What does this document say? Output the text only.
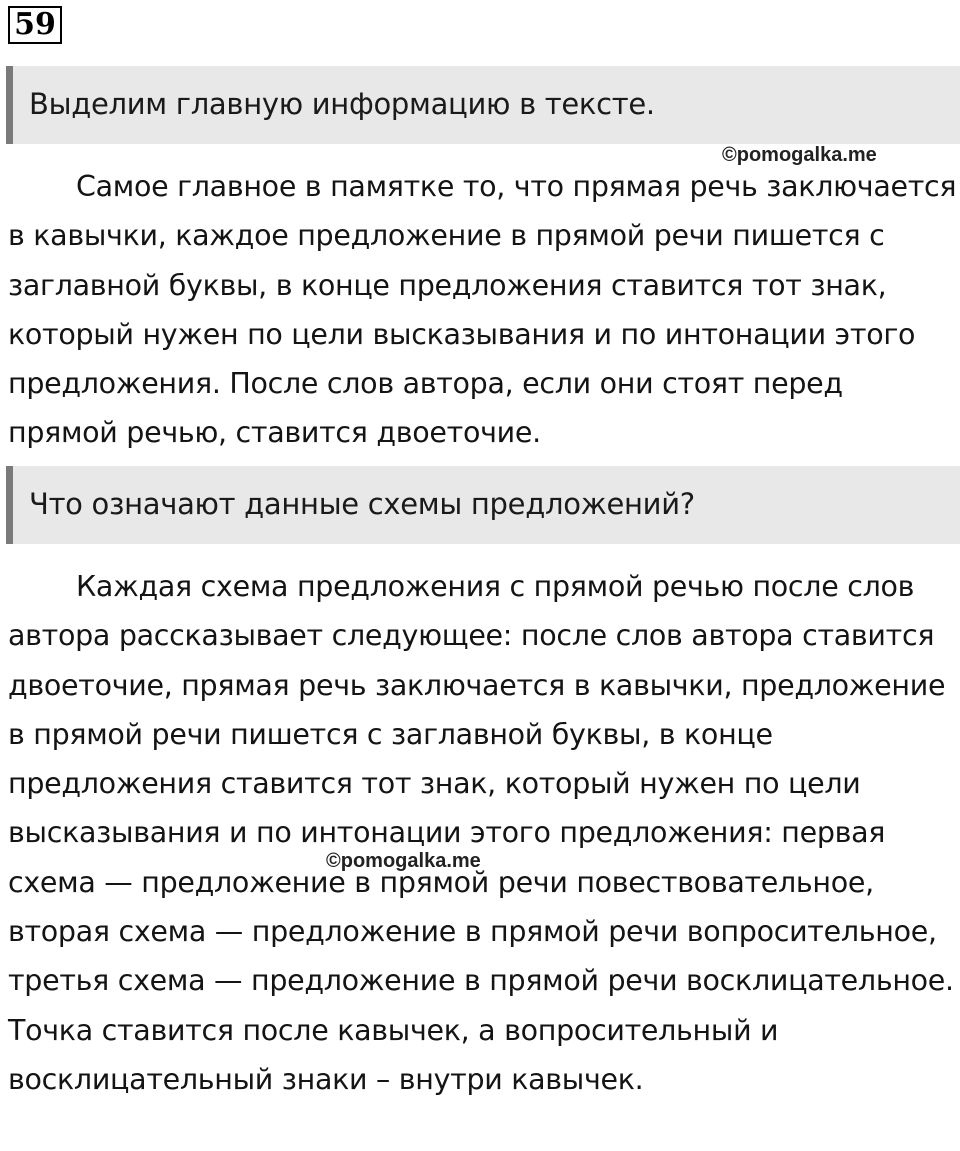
59
Выделим главную информацию в тексте.
©pomogalka.me

Самое главное в памятке то, что прямая речь заключается в кавычки, каждое предложение в прямой речи пишется с заглавной буквы, в конце предложения ставится тот знак, который нужен по цели высказывания и по интонации этого предложения. После слов автора, если они стоят перед прямой речью, ставится двоеточие.

Что означают данные схемы предложений?

Каждая схема предложения с прямой речью после слов автора рассказывает следующее: после слов автора ставится двоеточие, прямая речь заключается в кавычки, предложение в прямой речи пишется с заглавной буквы, в конце предложения ставится тот знак, который нужен по цели высказывания и по интонации этого предложения: первая схема — предложение в прямой речи повествовательное, вторая схема — предложение в прямой речи вопросительное, третья схема — предложение в прямой речи восклицательное. Точка ставится после кавычек, а вопросительный и восклицательный знаки – внутри кавычек.

©pomogalka.me
